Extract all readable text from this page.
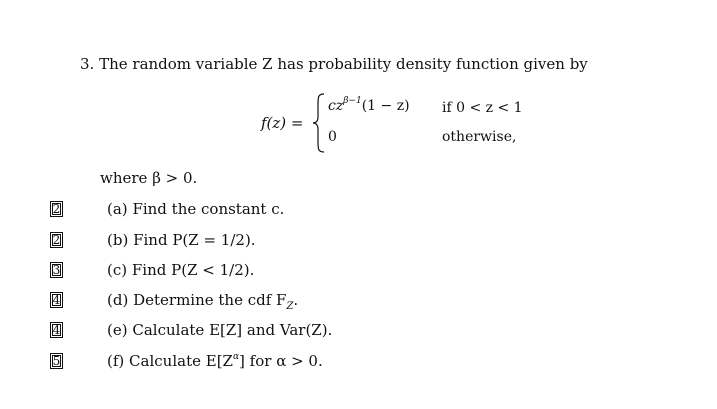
3. The random variable Z has probability density function given by
f(z) =
$cz^{\beta-1}(1 - z)$ if 0 < z < 1
0	otherwise,
where β > 0.
2	(a) Find the constant c.
2	(b) Find P(Z = 1/2).
3	(c) Find P(Z < 1/2).
4	(d) Determine the cdf $F_Z$.
4	(e) Calculate E[Z] and Var(Z).
5	(f) Calculate $E[Z^\alpha]$ for α > 0.
